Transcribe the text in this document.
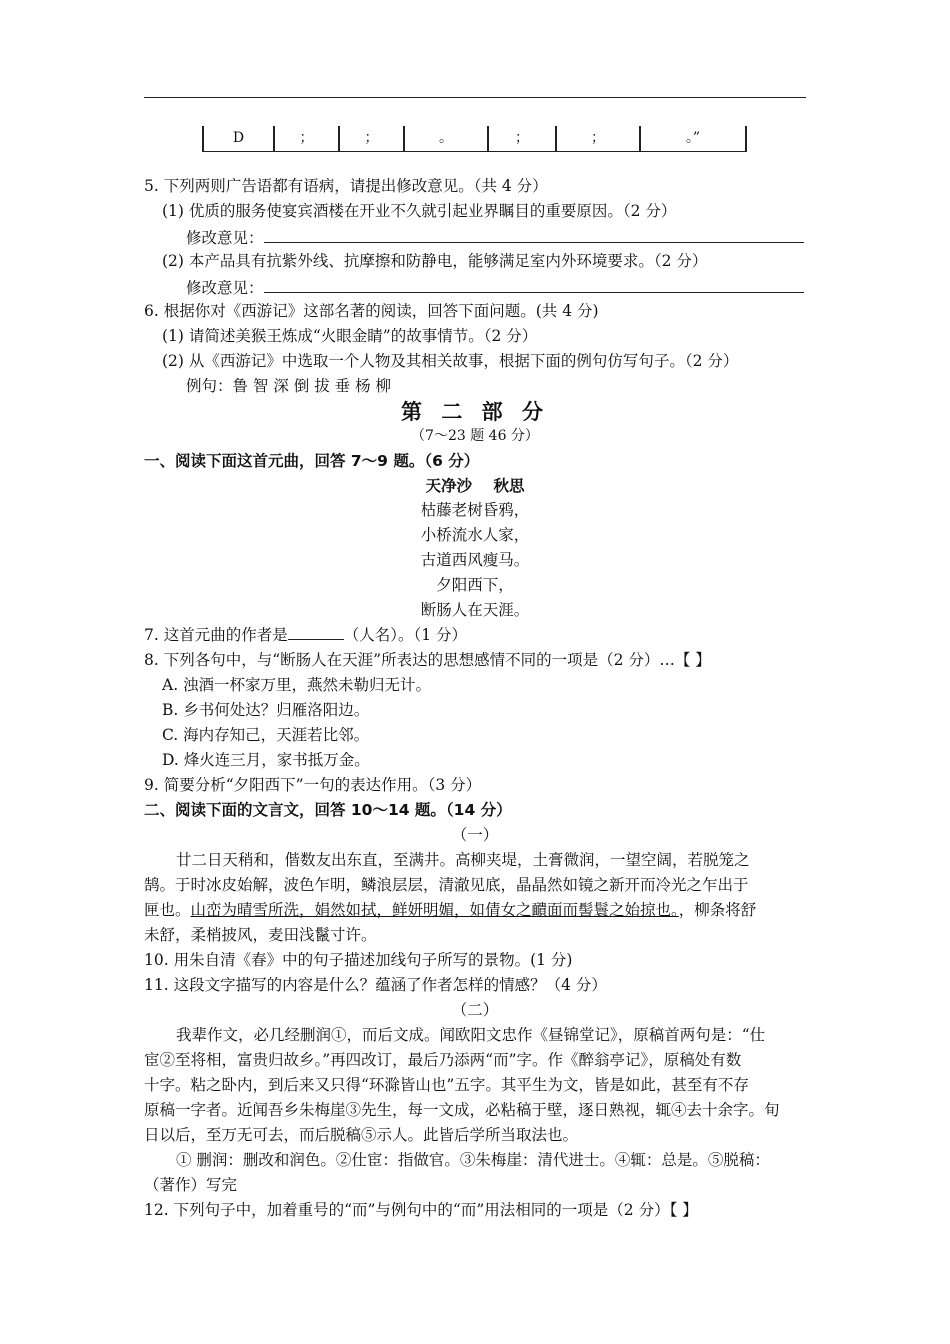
D	；	；	。	；	；	。”
5. 下列两则广告语都有语病，请提出修改意见。（共 4 分）
(1) 优质的服务使宴宾酒楼在开业不久就引起业界瞩目的重要原因。（2 分）
修改意见：
(2) 本产品具有抗紫外线、抗摩擦和防静电，能够满足室内外环境要求。（2 分）
修改意见：
6. 根据你对《西游记》这部名著的阅读，回答下面问题。(共 4 分)
(1) 请简述美猴王炼成“火眼金睛”的故事情节。（2 分）
(2) 从《西游记》中选取一个人物及其相关故事，根据下面的例句仿写句子。（2 分）
例句：鲁 智 深 倒 拔 垂 杨 柳
第 二 部 分
（7～23 题 46 分）
一、阅读下面这首元曲，回答 7～9 题。（6 分）
天净沙    秋思
枯藤老树昏鸦，
小桥流水人家，
古道西风瘦马。
夕阳西下，
断肠人在天涯。
7. 这首元曲的作者是	（人名）。（1 分）
8. 下列各句中，与“断肠人在天涯”所表达的思想感情不同的一项是（2 分）…【 】
A. 浊酒一杯家万里，燕然未勒归无计。
B. 乡书何处达？归雁洛阳边。
C. 海内存知己，天涯若比邻。
D. 烽火连三月，家书抵万金。
9. 简要分析“夕阳西下”一句的表达作用。（3 分）
二、阅读下面的文言文，回答 10～14 题。（14 分）
（一）
廿二日天稍和，偕数友出东直，至满井。高柳夹堤，土膏微润，一望空阔，若脱笼之
鹄。于时冰皮始解，波色乍明，鳞浪层层，清澈见底，晶晶然如镜之新开而冷光之乍出于
匣也。山峦为晴雪所洗，娟然如拭，鲜妍明媚，如倩女之靧面而髻鬟之始掠也。，柳条将舒
未舒，柔梢披风，麦田浅鬣寸许。
10. 用朱自清《春》中的句子描述加线句子所写的景物。(1 分)
11. 这段文字描写的内容是什么？蕴涵了作者怎样的情感？（4 分）
（二）
我辈作文，必几经删润①，而后文成。闻欧阳文忠作《昼锦堂记》，原稿首两句是：“仕
宦②至将相，富贵归故乡。”再四改订，最后乃添两“而”字。作《醉翁亭记》，原稿处有数
十字。粘之卧内，到后来又只得“环滁皆山也”五字。其平生为文，皆是如此，甚至有不存
原稿一字者。近闻吾乡朱梅崖③先生，每一文成，必粘稿于壁，逐日熟视，辄④去十余字。旬
日以后，至万无可去，而后脱稿⑤示人。此皆后学所当取法也。
① 删润：删改和润色。②仕宦：指做官。③朱梅崖：清代进士。④辄：总是。⑤脱稿：
（著作）写完
12. 下列句子中，加着重号的“而”与例句中的“而”用法相同的一项是（2 分）【 】
